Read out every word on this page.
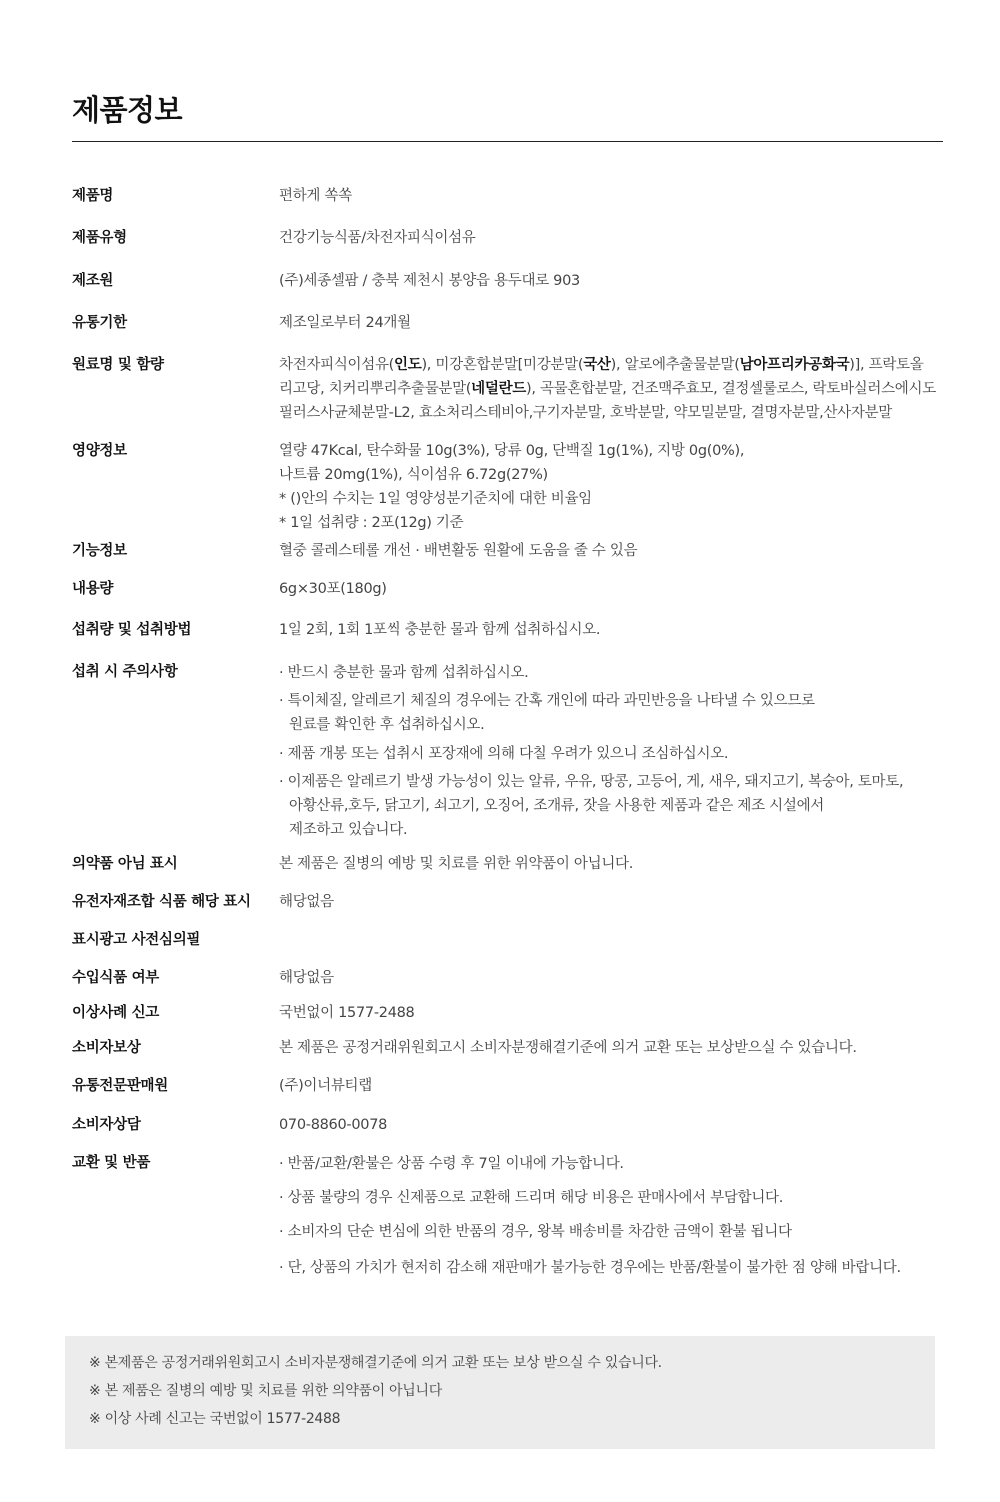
제품정보
제품명	편하게 쏙쏙
제품유형	건강기능식품/차전자피식이섬유
제조원	(주)세종셀팜 / 충북 제천시 봉양읍 용두대로 903
유통기한	제조일로부터 24개월
원료명 및 함량	차전자피식이섬유(인도), 미강혼합분말[미강분말(국산), 알로에추출물분말(남아프리카공화국)], 프락토올
리고당, 치커리뿌리추출물분말(네덜란드), 곡물혼합분말, 건조맥주효모, 결정셀룰로스, 락토바실러스에시도
필러스사균체분말-L2, 효소처리스테비아,구기자분말, 호박분말, 약모밀분말, 결명자분말,산사자분말
영양정보	열량 47Kcal, 탄수화물 10g(3%), 당류 0g, 단백질 1g(1%), 지방 0g(0%),
나트륨 20mg(1%), 식이섬유 6.72g(27%)
* ()안의 수치는 1일 영양성분기준치에 대한 비율임
* 1일 섭취량 : 2포(12g) 기준
기능정보	혈중 콜레스테롤 개선 · 배변활동 원활에 도움을 줄 수 있음
내용량	6g×30포(180g)
섭취량 및 섭취방법	1일 2회, 1회 1포씩 충분한 물과 함께 섭취하십시오.
섭취 시 주의사항	· 반드시 충분한 물과 함께 섭취하십시오.
· 특이체질, 알레르기 체질의 경우에는 간혹 개인에 따라 과민반응을 나타낼 수 있으므로
원료를 확인한 후 섭취하십시오.
· 제품 개봉 또는 섭취시 포장재에 의해 다칠 우려가 있으니 조심하십시오.
· 이제품은 알레르기 발생 가능성이 있는 알류, 우유, 땅콩, 고등어, 게, 새우, 돼지고기, 복숭아, 토마토,
아황산류,호두, 닭고기, 쇠고기, 오징어, 조개류, 잣을 사용한 제품과 같은 제조 시설에서
제조하고 있습니다.
의약품 아님 표시	본 제품은 질병의 예방 및 치료를 위한 위약품이 아닙니다.
유전자재조합 식품 해당 표시	해당없음
표시광고 사전심의필
수입식품 여부	해당없음
이상사례 신고	국번없이 1577-2488
소비자보상	본 제품은 공정거래위원회고시 소비자분쟁해결기준에 의거 교환 또는 보상받으실 수 있습니다.
유통전문판매원	(주)이너뷰티랩
소비자상담	070-8860-0078
교환 및 반품	· 반품/교환/환불은 상품 수령 후 7일 이내에 가능합니다.
· 상품 불량의 경우 신제품으로 교환해 드리며 해당 비용은 판매사에서 부담합니다.
· 소비자의 단순 변심에 의한 반품의 경우, 왕복 배송비를 차감한 금액이 환불 됩니다
· 단, 상품의 가치가 현저히 감소해 재판매가 불가능한 경우에는 반품/환불이 불가한 점 양해 바랍니다.
※ 본제품은 공정거래위원회고시 소비자분쟁해결기준에 의거 교환 또는 보상 받으실 수 있습니다.
※ 본 제품은 질병의 예방 및 치료를 위한 의약품이 아닙니다
※ 이상 사례 신고는 국번없이 1577-2488
